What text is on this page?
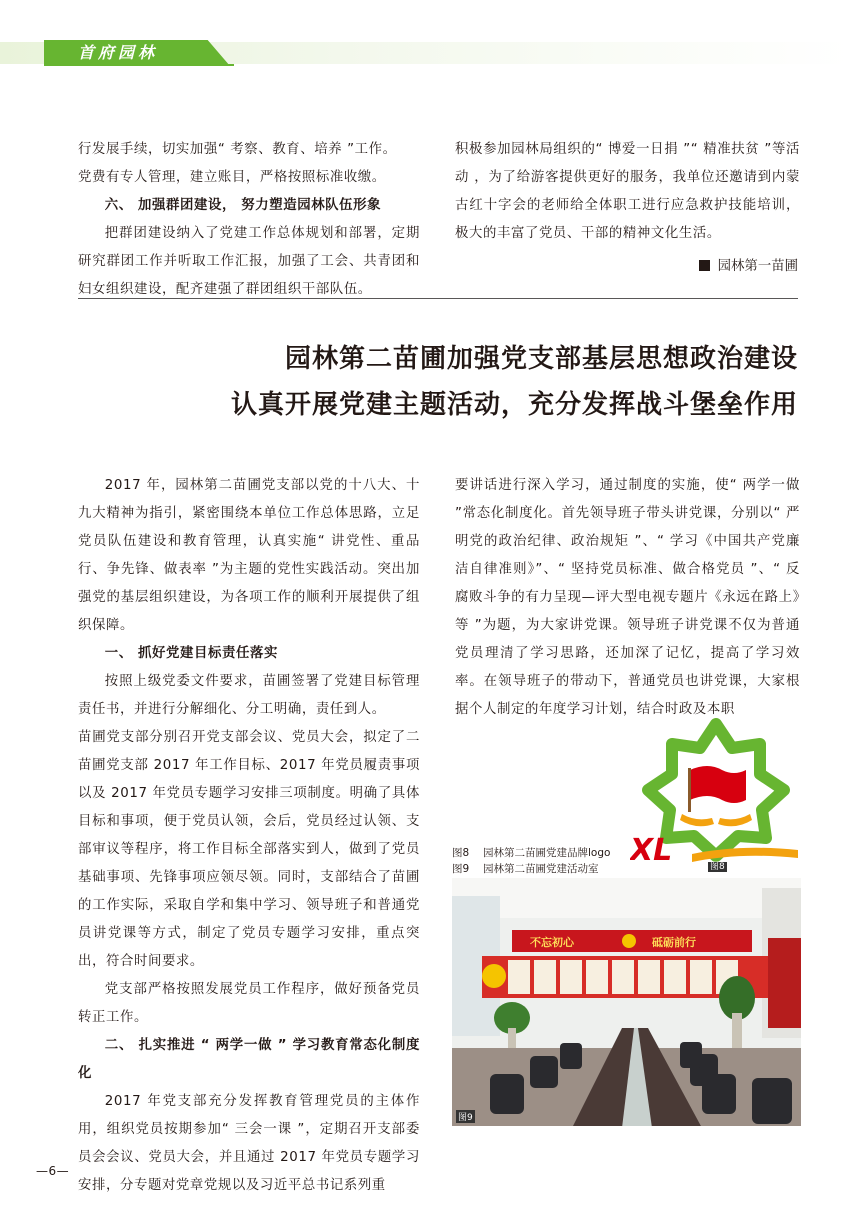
首府园林

行发展手续，切实加强“ 考察、教育、培养 ”工作。

党费有专人管理，建立账目，严格按照标准收缴。

六、 加强群团建设， 努力塑造园林队伍形象

把群团建设纳入了党建工作总体规划和部署，定期研究群团工作并听取工作汇报，加强了工会、共青团和妇女组织建设，配齐建强了群团组织干部队伍。

积极参加园林局组织的“ 博爱一日捐 ”“ 精准扶贫 ”等活动 ，为了给游客提供更好的服务，我单位还邀请到内蒙古红十字会的老师给全体职工进行应急救护技能培训，极大的丰富了党员、干部的精神文化生活。

园林第一苗圃
园林第二苗圃加强党支部基层思想政治建设
认真开展党建主题活动，充分发挥战斗堡垒作用

2017 年，园林第二苗圃党支部以党的十八大、十九大精神为指引，紧密围绕本单位工作总体思路，立足党员队伍建设和教育管理，认真实施“ 讲党性、重品行、争先锋、做表率 ”为主题的党性实践活动。突出加强党的基层组织建设，为各项工作的顺利开展提供了组织保障。

一、 抓好党建目标责任落实

按照上级党委文件要求，苗圃签署了党建目标管理责任书，并进行分解细化、分工明确，责任到人。

苗圃党支部分别召开党支部会议、党员大会，拟定了二苗圃党支部 2017 年工作目标、2017 年党员履责事项以及 2017 年党员专题学习安排三项制度。明确了具体目标和事项，便于党员认领，会后，党员经过认领、支部审议等程序，将工作目标全部落实到人，做到了党员基础事项、先锋事项应领尽领。同时，支部结合了苗圃的工作实际，采取自学和集中学习、领导班子和普通党员讲党课等方式，制定了党员专题学习安排，重点突出，符合时间要求。

党支部严格按照发展党员工作程序，做好预备党员转正工作。

二、 扎实推进 “ 两学一做 ” 学习教育常态化制度化

2017 年党支部充分发挥教育管理党员的主体作用，组织党员按期参加“ 三会一课 ”，定期召开支部委员会会议、党员大会，并且通过 2017 年党员专题学习安排，分专题对党章党规以及习近平总书记系列重

要讲话进行深入学习，通过制度的实施，使“ 两学一做 ”常态化制度化。首先领导班子带头讲党课，分别以“ 严明党的政治纪律、政治规矩 ”、“ 学习《中国共产党廉洁自律准则》”、“ 坚持党员标准、做合格党员 ”、“ 反腐败斗争的有力呈现—评大型电视专题片《永远在路上》等 ”为题，为大家讲党课。领导班子讲党课不仅为普通党员理清了学习思路，还加深了记忆，提高了学习效率。在领导班子的带动下，普通党员也讲党课，大家根据个人制定的年度学习计划，结合时政及本职

XL	图8
图8　 园林第二苗圃党建品牌logo
图9　 园林第二苗圃党建活动室
不忘初心	砥砺前行
图9
—6—
